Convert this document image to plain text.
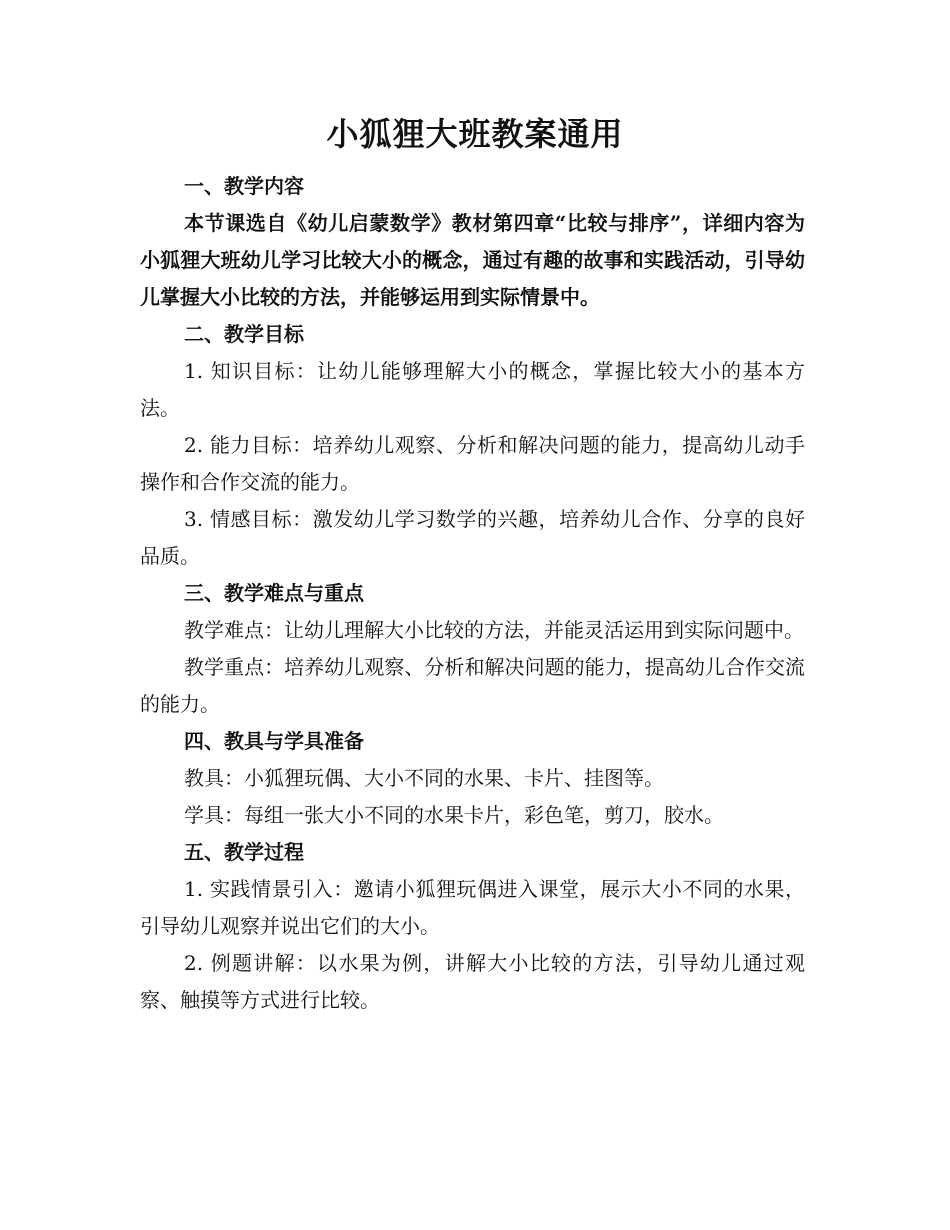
小狐狸大班教案通用

一、教学内容

本节课选自《幼儿启蒙数学》教材第四章“比较与排序”，详细内容为小狐狸大班幼儿学习比较大小的概念，通过有趣的故事和实践活动，引导幼儿掌握大小比较的方法，并能够运用到实际情景中。

二、教学目标

1. 知识目标：让幼儿能够理解大小的概念，掌握比较大小的基本方法。

2. 能力目标：培养幼儿观察、分析和解决问题的能力，提高幼儿动手操作和合作交流的能力。

3. 情感目标：激发幼儿学习数学的兴趣，培养幼儿合作、分享的良好品质。

三、教学难点与重点

教学难点：让幼儿理解大小比较的方法，并能灵活运用到实际问题中。

教学重点：培养幼儿观察、分析和解决问题的能力，提高幼儿合作交流的能力。

四、教具与学具准备

教具：小狐狸玩偶、大小不同的水果、卡片、挂图等。

学具：每组一张大小不同的水果卡片，彩色笔，剪刀，胶水。

五、教学过程

1. 实践情景引入：邀请小狐狸玩偶进入课堂，展示大小不同的水果，引导幼儿观察并说出它们的大小。

2. 例题讲解：以水果为例，讲解大小比较的方法，引导幼儿通过观察、触摸等方式进行比较。
